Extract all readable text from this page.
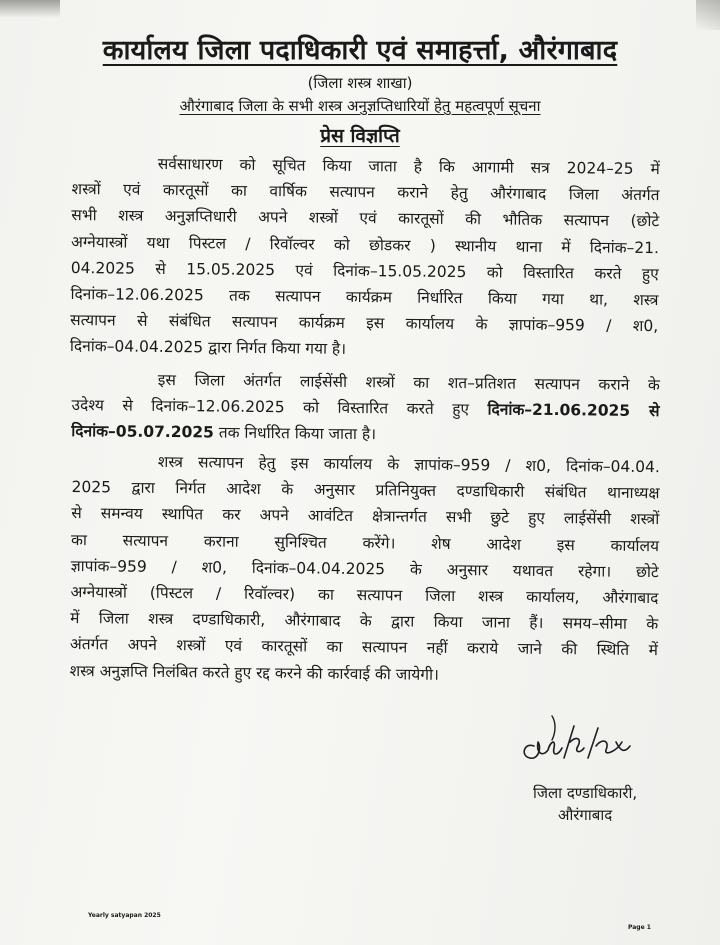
कार्यालय जिला पदाधिकारी एवं समाहर्त्ता, औरंगाबाद
(जिला शस्त्र शाखा)
औरंगाबाद जिला के सभी शस्त्र अनुज्ञप्तिधारियों हेतु महत्वपूर्ण सूचना
प्रेस विज्ञप्ति
सर्वसाधारण को सूचित किया जाता है कि आगामी सत्र 2024–25 में
शस्त्रों एवं कारतूसों का वार्षिक सत्यापन कराने हेतु औरंगाबाद जिला अंतर्गत
सभी शस्त्र अनुज्ञप्तिधारी अपने शस्त्रों एवं कारतूसों की भौतिक सत्यापन (छोटे
अग्नेयास्त्रों यथा पिस्टल / रिवॉल्वर को छोडकर ) स्थानीय थाना में दिनांक–21.
04.2025 से 15.05.2025 एवं दिनांक–15.05.2025 को विस्तारित करते हुए
दिनांक–12.06.2025 तक सत्यापन कार्यक्रम निर्धारित किया गया था, शस्त्र
सत्यापन से संबंधित सत्यापन कार्यक्रम इस कार्यालय के ज्ञापांक–959 / श0,
दिनांक–04.04.2025 द्वारा निर्गत किया गया है।
इस जिला अंतर्गत लाईसेंसी शस्त्रों का शत–प्रतिशत सत्यापन कराने के
उदेश्य से दिनांक–12.06.2025 को विस्तारित करते हुए दिनांक–21.06.2025 से
दिनांक–05.07.2025 तक निर्धारित किया जाता है।
शस्त्र सत्यापन हेतु इस कार्यालय के ज्ञापांक–959 / श0, दिनांक–04.04.
2025 द्वारा निर्गत आदेश के अनुसार प्रतिनियुक्त दण्डाधिकारी संबंधित थानाध्यक्ष
से समन्वय स्थापित कर अपने आवंटित क्षेत्रान्तर्गत सभी छुटे हुए लाईसेंसी शस्त्रों
का सत्यापन कराना सुनिश्चित करेंगे। शेष आदेश इस कार्यालय
ज्ञापांक–959 / श0, दिनांक–04.04.2025 के अनुसार यथावत रहेगा। छोटे
अग्नेयास्त्रों (पिस्टल / रिवॉल्वर) का सत्यापन जिला शस्त्र कार्यालय, औरंगाबाद
में जिला शस्त्र दण्डाधिकारी, औरंगाबाद के द्वारा किया जाना हैं। समय–सीमा के
अंतर्गत अपने शस्त्रों एवं कारतूसों का सत्यापन नहीं कराये जाने की स्थिति में
शस्त्र अनुज्ञप्ति निलंबित करते हुए रद्द करने की कार्रवाई की जायेगी।
जिला दण्डाधिकारी,
औरंगाबाद
Yearly satyapan 2025
Page 1
